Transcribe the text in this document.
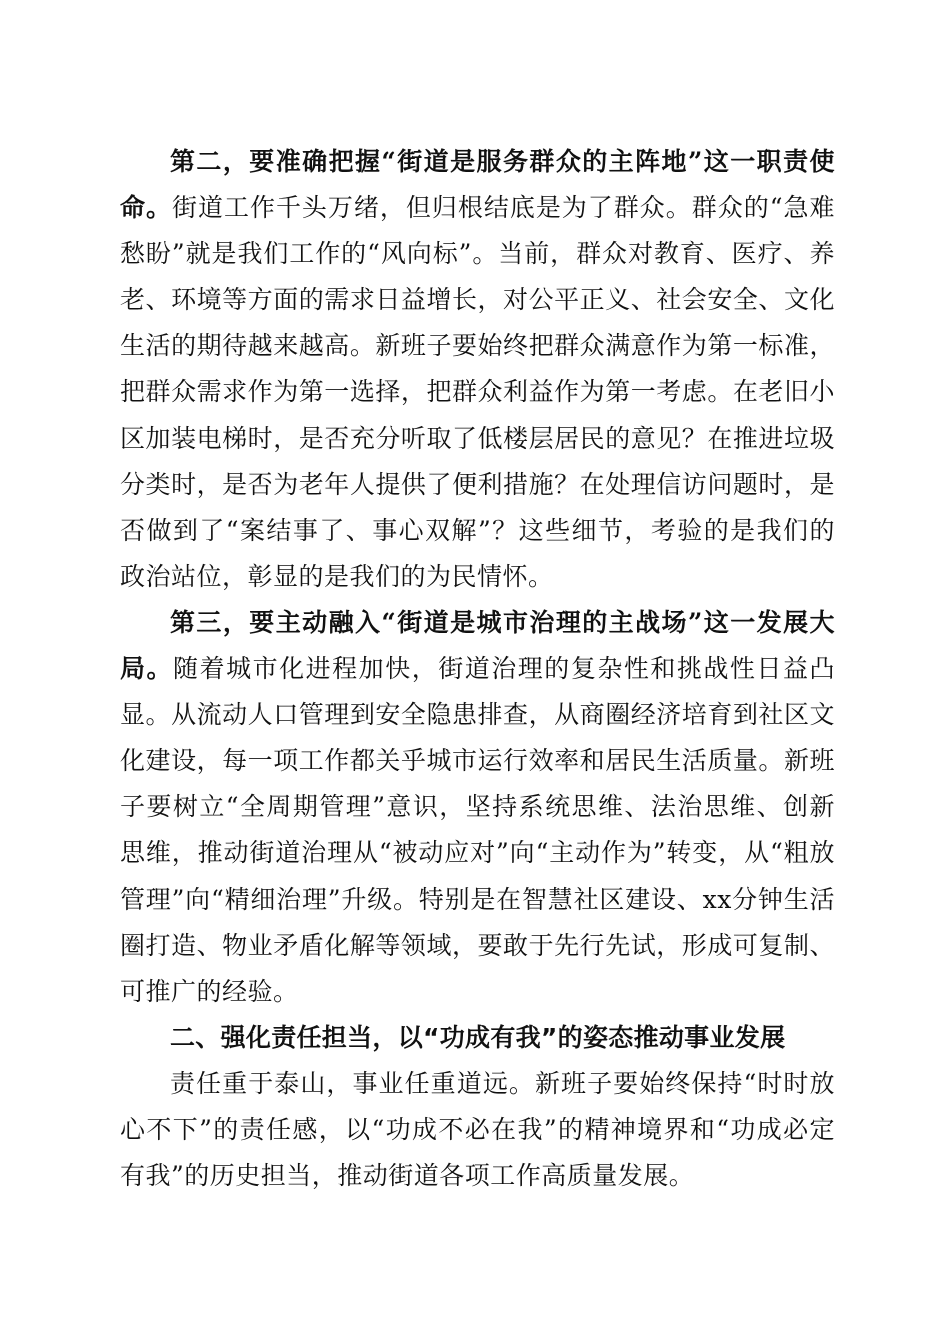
第二，要准确把握“街道是服务群众的主阵地”这一职责使命。街道工作千头万绪，但归根结底是为了群众。群众的“急难愁盼”就是我们工作的“风向标”。当前，群众对教育、医疗、养老、环境等方面的需求日益增长，对公平正义、社会安全、文化生活的期待越来越高。新班子要始终把群众满意作为第一标准，把群众需求作为第一选择，把群众利益作为第一考虑。在老旧小区加装电梯时，是否充分听取了低楼层居民的意见？在推进垃圾分类时，是否为老年人提供了便利措施？在处理信访问题时，是否做到了“案结事了、事心双解”？这些细节，考验的是我们的政治站位，彰显的是我们的为民情怀。

第三，要主动融入“街道是城市治理的主战场”这一发展大局。随着城市化进程加快，街道治理的复杂性和挑战性日益凸显。从流动人口管理到安全隐患排查，从商圈经济培育到社区文化建设，每一项工作都关乎城市运行效率和居民生活质量。新班子要树立“全周期管理”意识，坚持系统思维、法治思维、创新思维，推动街道治理从“被动应对”向“主动作为”转变，从“粗放管理”向“精细治理”升级。特别是在智慧社区建设、xx分钟生活圈打造、物业矛盾化解等领域，要敢于先行先试，形成可复制、可推广的经验。

二、强化责任担当，以“功成有我”的姿态推动事业发展

责任重于泰山，事业任重道远。新班子要始终保持“时时放心不下”的责任感，以“功成不必在我”的精神境界和“功成必定有我”的历史担当，推动街道各项工作高质量发展。
